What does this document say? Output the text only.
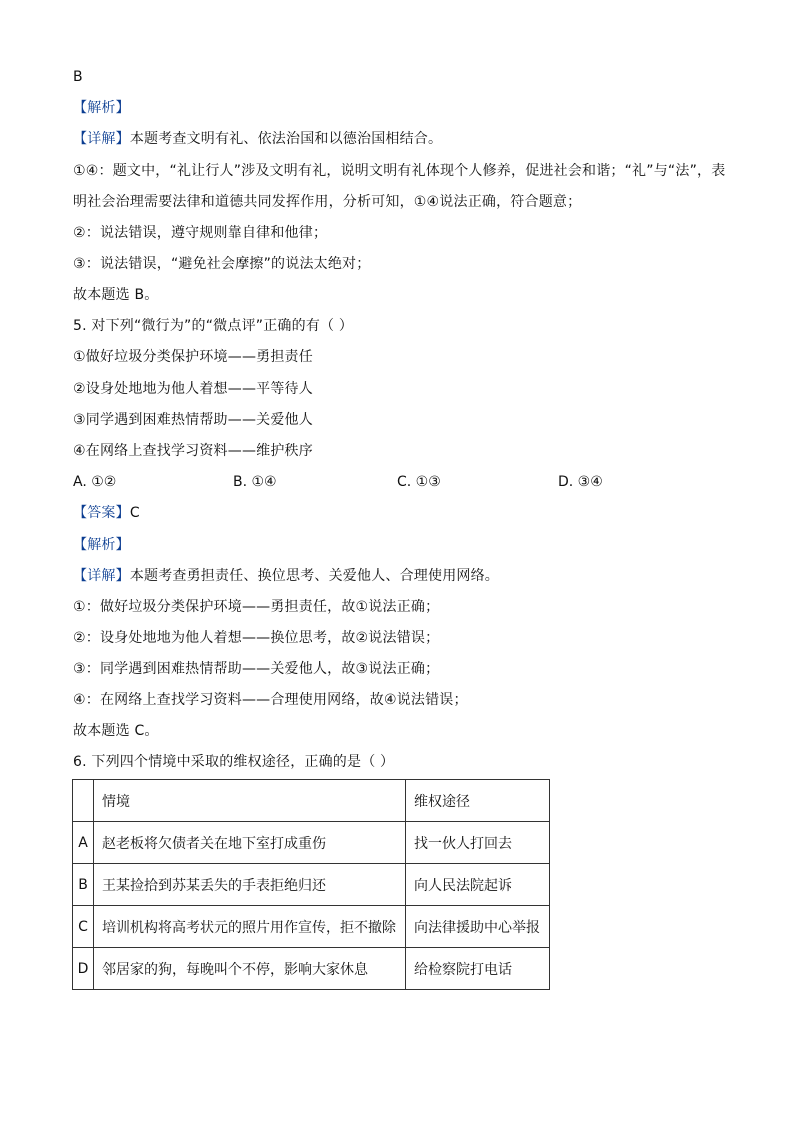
B
【解析】
【详解】本题考查文明有礼、依法治国和以德治国相结合。
①④：题文中，“礼让行人”涉及文明有礼，说明文明有礼体现个人修养，促进社会和谐；“礼”与“法”，表
明社会治理需要法律和道德共同发挥作用，分析可知，①④说法正确，符合题意；
②：说法错误，遵守规则靠自律和他律；
③：说法错误，“避免社会摩擦”的说法太绝对；
故本题选 B。
5. 对下列“微行为”的“微点评”正确的有（ ）
①做好垃圾分类保护环境——勇担责任
②设身处地地为他人着想——平等待人
③同学遇到困难热情帮助——关爱他人
④在网络上查找学习资料——维护秩序
A. ①②	B. ①④	C. ①③	D. ③④
【答案】C
【解析】
【详解】本题考查勇担责任、换位思考、关爱他人、合理使用网络。
①：做好垃圾分类保护环境——勇担责任，故①说法正确；
②：设身处地地为他人着想——换位思考，故②说法错误；
③：同学遇到困难热情帮助——关爱他人，故③说法正确；
④：在网络上查找学习资料——合理使用网络，故④说法错误；
故本题选 C。
6. 下列四个情境中采取的维权途径，正确的是（ ）
	情境	维权途径
A	赵老板将欠债者关在地下室打成重伤	找一伙人打回去
B	王某捡拾到苏某丢失的手表拒绝归还	向人民法院起诉
C	培训机构将高考状元的照片用作宣传，拒不撤除	向法律援助中心举报
D	邻居家的狗，每晚叫个不停，影响大家休息	给检察院打电话
